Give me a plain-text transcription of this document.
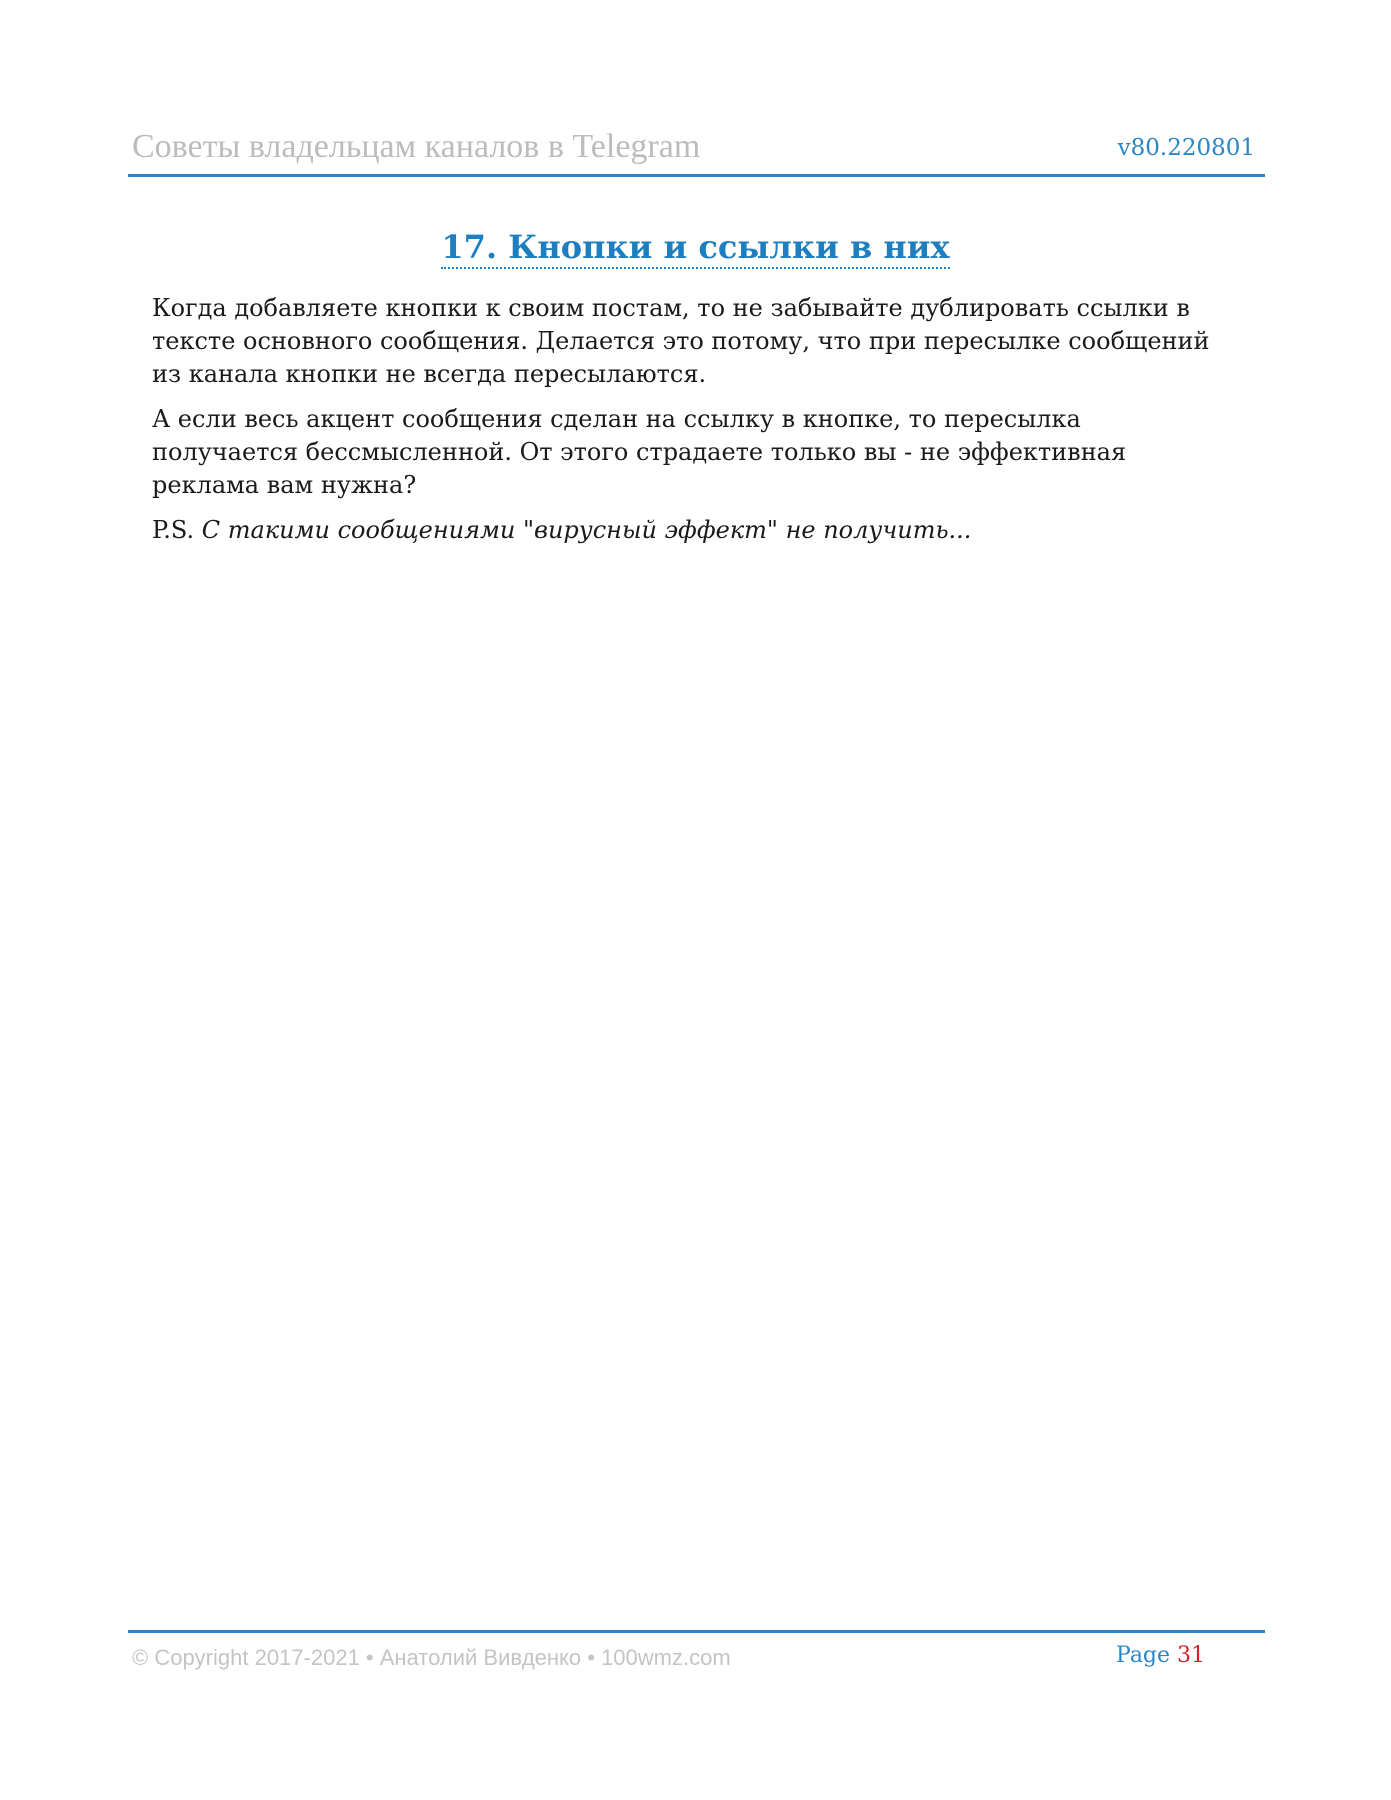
Советы владельцам каналов в Telegram	v80.220801
17. Кнопки и ссылки в них

Когда добавляете кнопки к своим постам, то не забывайте дублировать ссылки в тексте основного сообщения. Делается это потому, что при пересылке сообщений из канала кнопки не всегда пересылаются.

А если весь акцент сообщения сделан на ссылку в кнопке, то пересылка получается бессмысленной. От этого страдаете только вы - не эффективная реклама вам нужна?

P.S. С такими сообщениями "вирусный эффект" не получить...

© Copyright 2017-2021 • Анатолий Вивденко • 100wmz.com	Page 31
